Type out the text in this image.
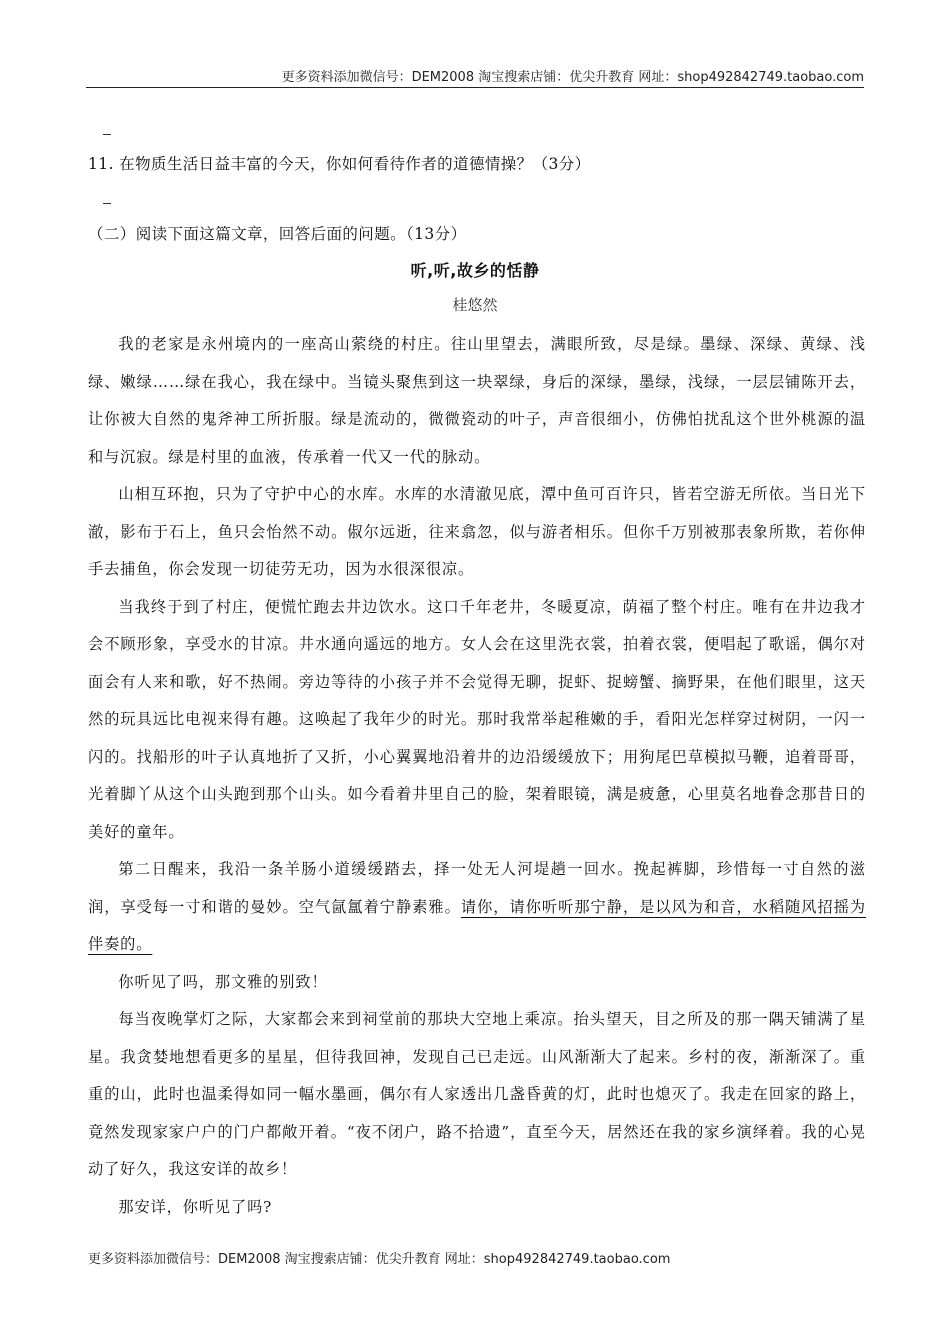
更多资料添加微信号：DEM2008 淘宝搜索店铺：优尖升教育 网址：shop492842749.taobao.com
11. 在物质生活日益丰富的今天，你如何看待作者的道德情操？（3分）
（二）阅读下面这篇文章，回答后面的问题。（13分）
听,听,故乡的恬静
桂悠然

我的老家是永州境内的一座高山萦绕的村庄。往山里望去，满眼所致，尽是绿。墨绿、深绿、黄绿、浅绿、嫩绿……绿在我心，我在绿中。当镜头聚焦到这一块翠绿，身后的深绿，墨绿，浅绿，一层层铺陈开去，让你被大自然的鬼斧神工所折服。绿是流动的，微微瓷动的叶子，声音很细小，仿佛怕扰乱这个世外桃源的温和与沉寂。绿是村里的血液，传承着一代又一代的脉动。

山相互环抱，只为了守护中心的水库。水库的水清澈见底，潭中鱼可百许只，皆若空游无所依。当日光下澈，影布于石上，鱼只会怡然不动。俶尔远逝，往来翕忽，似与游者相乐。但你千万别被那表象所欺，若你伸手去捕鱼，你会发现一切徒劳无功，因为水很深很凉。

当我终于到了村庄，便慌忙跑去井边饮水。这口千年老井，冬暖夏凉，荫福了整个村庄。唯有在井边我才会不顾形象，享受水的甘凉。井水通向遥远的地方。女人会在这里洗衣裳，拍着衣裳，便唱起了歌谣，偶尔对面会有人来和歌，好不热闹。旁边等待的小孩子并不会觉得无聊，捉虾、捉螃蟹、摘野果，在他们眼里，这天然的玩具远比电视来得有趣。这唤起了我年少的时光。那时我常举起稚嫩的手，看阳光怎样穿过树阴，一闪一闪的。找船形的叶子认真地折了又折，小心翼翼地沿着井的边沿缓缓放下；用狗尾巴草模拟马鞭，追着哥哥，光着脚丫从这个山头跑到那个山头。如今看着井里自己的脸，架着眼镜，满是疲惫，心里莫名地眷念那昔日的美好的童年。

第二日醒来，我沿一条羊肠小道缓缓踏去，择一处无人河堤趟一回水。挽起裤脚，珍惜每一寸自然的滋润，享受每一寸和谐的曼妙。空气氤氲着宁静素雅。请你，请你听听那宁静，是以风为和音，水稻随风招摇为伴奏的。

你听见了吗，那文雅的别致！

每当夜晚掌灯之际，大家都会来到祠堂前的那块大空地上乘凉。抬头望天，目之所及的那一隅天铺满了星星。我贪婪地想看更多的星星，但待我回神，发现自己已走远。山风渐渐大了起来。乡村的夜，渐渐深了。重重的山，此时也温柔得如同一幅水墨画，偶尔有人家透出几盏昏黄的灯，此时也熄灭了。我走在回家的路上，竟然发现家家户户的门户都敞开着。“夜不闭户，路不拾遗”，直至今天，居然还在我的家乡演绎着。我的心晃动了好久，我这安详的故乡！

那安详，你听见了吗?

更多资料添加微信号：DEM2008 淘宝搜索店铺：优尖升教育 网址：shop492842749.taobao.com
